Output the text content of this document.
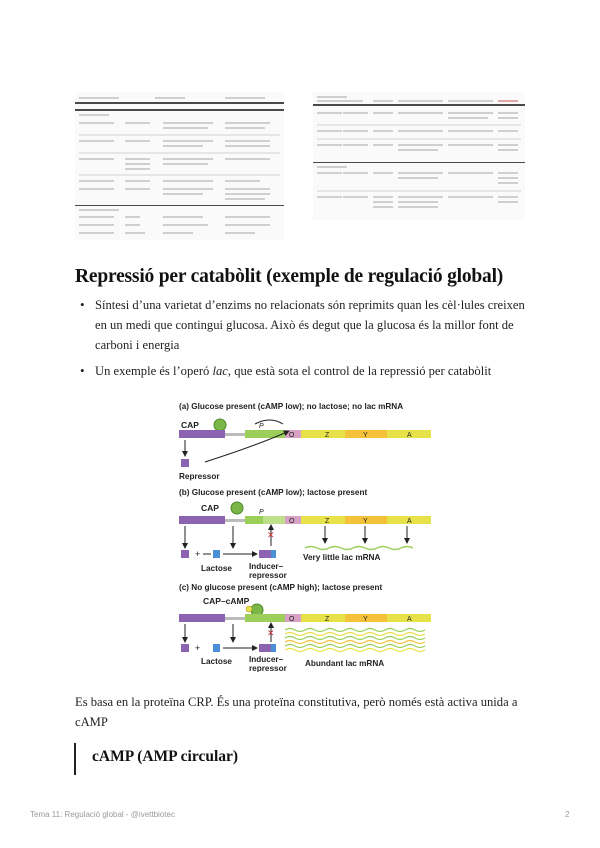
Repressió per catabòlit (exemple de regulació global)
• Síntesi d’una varietat d’enzims no relacionats són reprimits quan les cèl·lules creixen en un medi que contingui glucosa. Això és degut que la glucosa és la millor font de carboni i energia
• Un exemple és l’operó lac, que està sota el control de la repressió per catabòlit
(a) Glucose present (cAMP low); no lactose; no lac mRNA
CAP	P
O	Z	Y	A
Repressor
(b) Glucose present (cAMP low); lactose present
CAP	P
O	Z	Y	A
✕
+
Lactose Inducer–
repressor
Very little lac mRNA
(c) No glucose present (cAMP high); lactose present
CAP–cAMP
O	Z	Y	A
✕
+
Lactose Inducer–
repressor
Abundant lac mRNA
Es basa en la proteïna CRP. És una proteïna constitutiva, però només està activa unida a cAMP
cAMP (AMP circular)
Tema 11: Regulació global - @ivettbiotec	2
